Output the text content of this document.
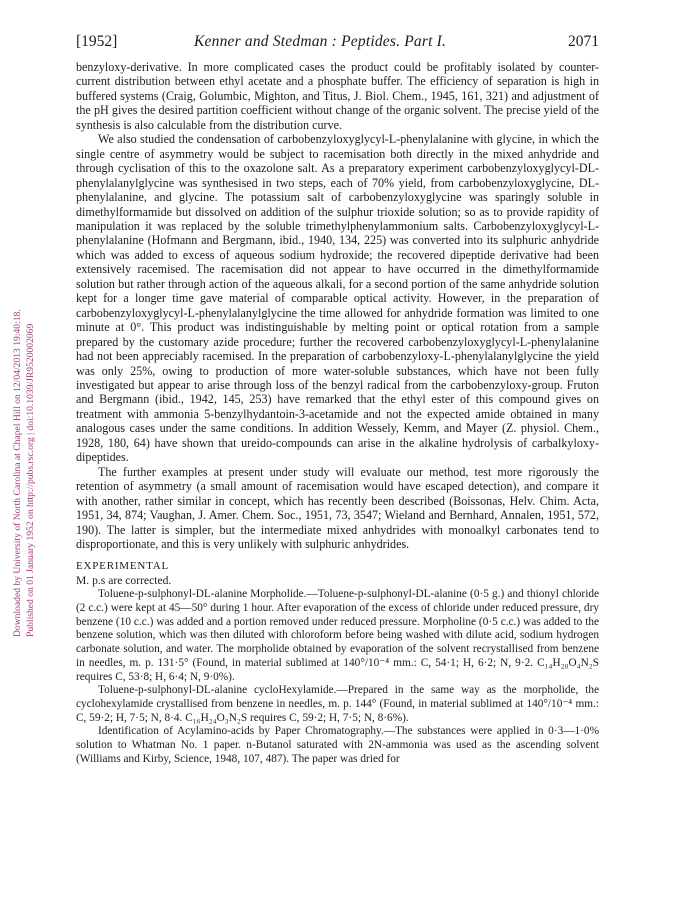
Downloaded by University of North Carolina at Chapel Hill on 12/04/2013 19:40:18. Published on 01 January 1952 on http://pubs.rsc.org | doi:10.1039/JR9520002069
[1952]	Kenner and Stedman : Peptides. Part I.	2071

benzyloxy-derivative. In more complicated cases the product could be profitably isolated by counter-current distribution between ethyl acetate and a phosphate buffer. The efficiency of separation is high in buffered systems (Craig, Golumbic, Mighton, and Titus, J. Biol. Chem., 1945, 161, 321) and adjustment of the pH gives the desired partition coefficient without change of the organic solvent. The precise yield of the synthesis is also calculable from the distribution curve.

We also studied the condensation of carbobenzyloxyglycyl-L-phenylalanine with glycine, in which the single centre of asymmetry would be subject to racemisation both directly in the mixed anhydride and through cyclisation of this to the oxazolone salt. As a preparatory experiment carbobenzyloxyglycyl-DL-phenylalanylglycine was synthesised in two steps, each of 70% yield, from carbobenzyloxyglycine, DL-phenylalanine, and glycine. The potassium salt of carbobenzyloxyglycine was sparingly soluble in dimethylformamide but dissolved on addition of the sulphur trioxide solution; so as to provide rapidity of manipulation it was replaced by the soluble trimethylphenylammonium salts. Carbobenzyloxyglycyl-L-phenylalanine (Hofmann and Bergmann, ibid., 1940, 134, 225) was converted into its sulphuric anhydride which was added to excess of aqueous sodium hydroxide; the recovered dipeptide derivative had been extensively racemised. The racemisation did not appear to have occurred in the dimethylformamide solution but rather through action of the aqueous alkali, for a second portion of the same anhydride solution kept for a longer time gave material of comparable optical activity. However, in the preparation of carbobenzyloxyglycyl-L-phenylalanylglycine the time allowed for anhydride formation was limited to one minute at 0°. This product was indistinguishable by melting point or optical rotation from a sample prepared by the customary azide procedure; further the recovered carbobenzyloxyglycyl-L-phenylalanine had not been appreciably racemised. In the preparation of carbobenzyloxy-L-phenylalanylglycine the yield was only 25%, owing to production of more water-soluble substances, which have not been fully investigated but appear to arise through loss of the benzyl radical from the carbobenzyloxy-group. Fruton and Bergmann (ibid., 1942, 145, 253) have remarked that the ethyl ester of this compound gives on treatment with ammonia 5-benzylhydantoin-3-acetamide and not the expected amide obtained in many analogous cases under the same conditions. In addition Wessely, Kemm, and Mayer (Z. physiol. Chem., 1928, 180, 64) have shown that ureido-compounds can arise in the alkaline hydrolysis of carbalkyloxy-dipeptides.

The further examples at present under study will evaluate our method, test more rigorously the retention of asymmetry (a small amount of racemisation would have escaped detection), and compare it with another, rather similar in concept, which has recently been described (Boissonas, Helv. Chim. Acta, 1951, 34, 874; Vaughan, J. Amer. Chem. Soc., 1951, 73, 3547; Wieland and Bernhard, Annalen, 1951, 572, 190). The latter is simpler, but the intermediate mixed anhydrides with monoalkyl carbonates tend to disproportionate, and this is very unlikely with sulphuric anhydrides.

EXPERIMENTAL

M. p.s are corrected.

Toluene-p-sulphonyl-DL-alanine Morpholide.—Toluene-p-sulphonyl-DL-alanine (0·5 g.) and thionyl chloride (2 c.c.) were kept at 45—50° during 1 hour. After evaporation of the excess of chloride under reduced pressure, dry benzene (10 c.c.) was added and a portion removed under reduced pressure. Morpholine (0·5 c.c.) was added to the benzene solution, which was then diluted with chloroform before being washed with dilute acid, sodium hydrogen carbonate solution, and water. The morpholide obtained by evaporation of the solvent recrystallised from benzene in needles, m. p. 131·5° (Found, in material sublimed at 140°/10⁻⁴ mm.: C, 54·1; H, 6·2; N, 9·2. C₁₄H₂₀O₄N₂S requires C, 53·8; H, 6·4; N, 9·0%).

Toluene-p-sulphonyl-DL-alanine cycloHexylamide.—Prepared in the same way as the morpholide, the cyclohexylamide crystallised from benzene in needles, m. p. 144° (Found, in material sublimed at 140°/10⁻⁴ mm.: C, 59·2; H, 7·5; N, 8·4. C₁₆H₂₄O₃N₂S requires C, 59·2; H, 7·5; N, 8·6%).

Identification of Acylamino-acids by Paper Chromatography.—The substances were applied in 0·3—1·0% solution to Whatman No. 1 paper. n-Butanol saturated with 2N-ammonia was used as the ascending solvent (Williams and Kirby, Science, 1948, 107, 487). The paper was dried for
